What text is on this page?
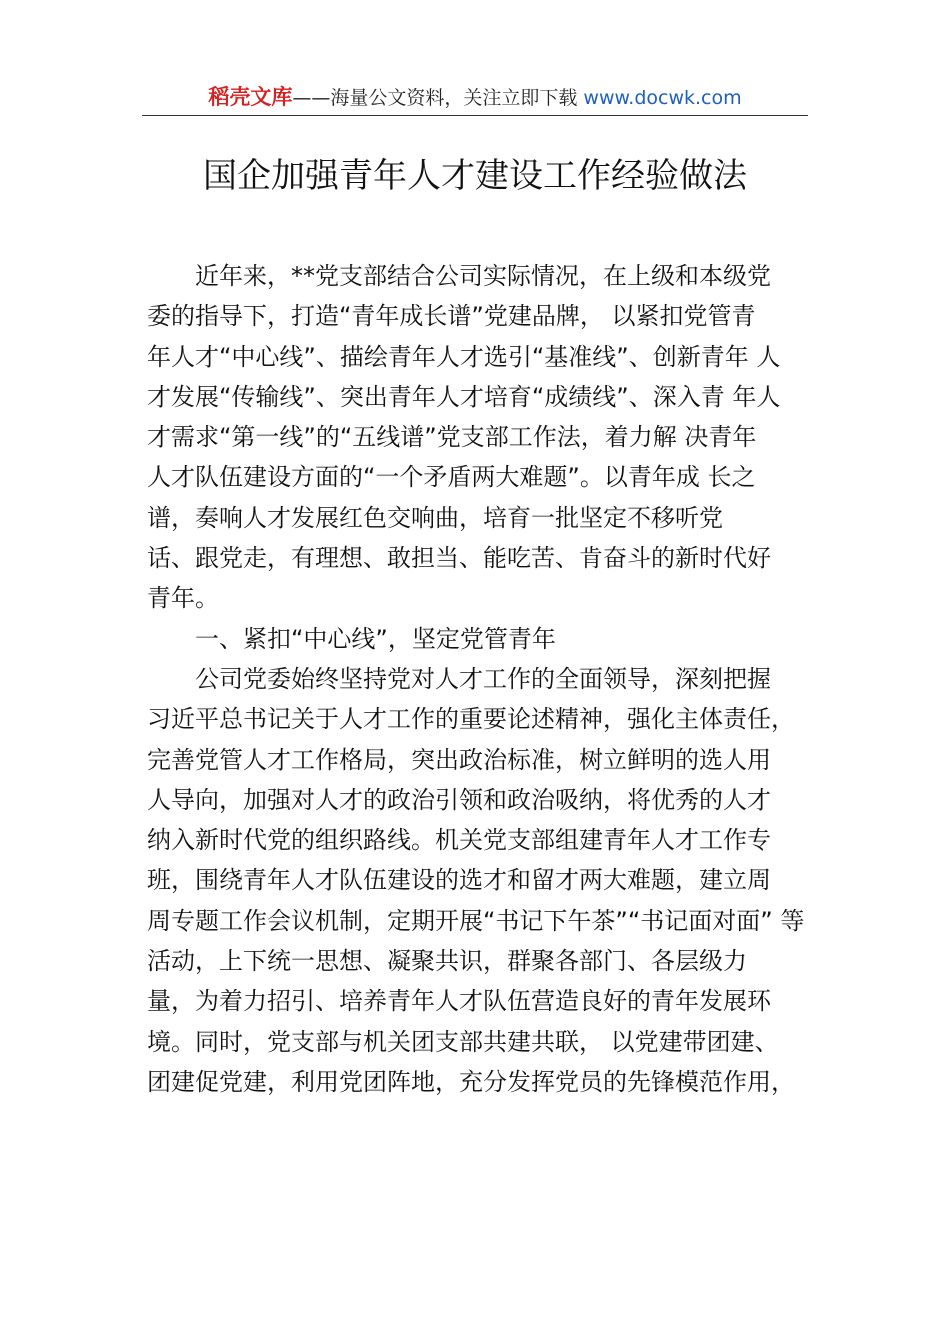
稻壳文库——海量公文资料，关注立即下载 www.docwk.com
国企加强青年人才建设工作经验做法
近年来，**党支部结合公司实际情况，在上级和本级党
委的指导下，打造“青年成长谱”党建品牌， 以紧扣党管青
年人才“中心线”、描绘青年人才选引“基准线”、创新青年 人
才发展“传输线”、突出青年人才培育“成绩线”、深入青 年人
才需求“第一线”的“五线谱”党支部工作法，着力解 决青年
人才队伍建设方面的“一个矛盾两大难题”。以青年成 长之
谱，奏响人才发展红色交响曲，培育一批坚定不移听党
话、跟党走，有理想、敢担当、能吃苦、肯奋斗的新时代好
青年。
一、紧扣“中心线”，坚定党管青年
公司党委始终坚持党对人才工作的全面领导，深刻把握
习近平总书记关于人才工作的重要论述精神，强化主体责任，
完善党管人才工作格局，突出政治标准，树立鲜明的选人用
人导向，加强对人才的政治引领和政治吸纳，将优秀的人才
纳入新时代党的组织路线。机关党支部组建青年人才工作专
班，围绕青年人才队伍建设的选才和留才两大难题，建立周
周专题工作会议机制，定期开展“书记下午茶”“书记面对面” 等
活动，上下统一思想、凝聚共识，群聚各部门、各层级力
量，为着力招引、培养青年人才队伍营造良好的青年发展环
境。同时，党支部与机关团支部共建共联， 以党建带团建、
团建促党建，利用党团阵地，充分发挥党员的先锋模范作用，
